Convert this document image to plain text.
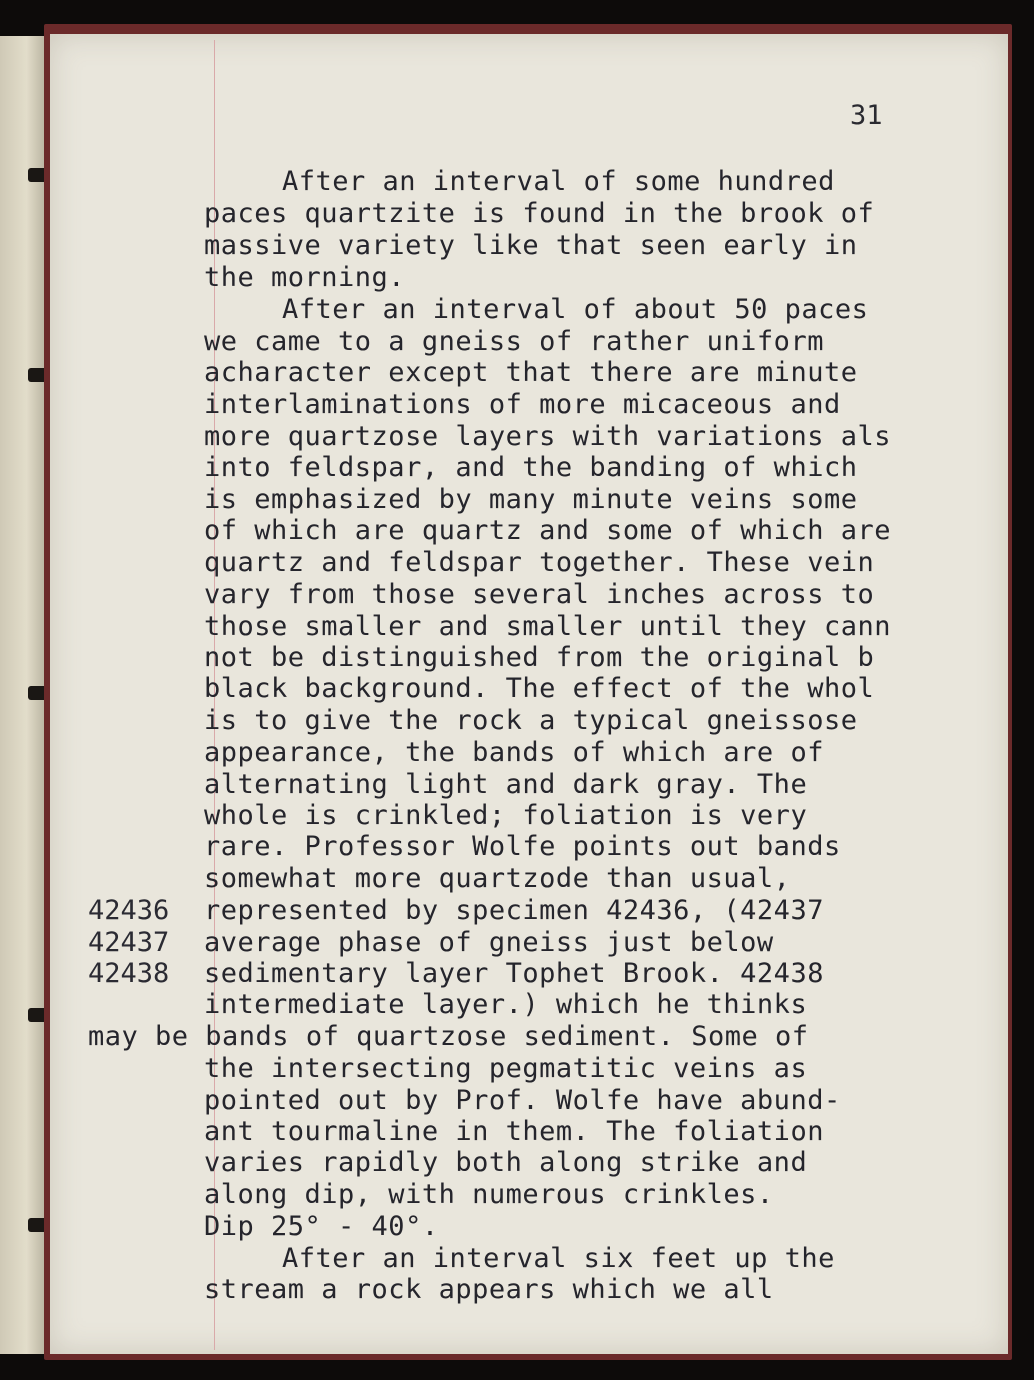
31
After an interval of some hundred
paces quartzite is found in the brook of
massive variety like that seen early in
the morning.
After an interval of about 50 paces
we came to a gneiss of rather uniform
acharacter except that there are minute
interlaminations of more micaceous and
more quartzose layers with variations als
into feldspar, and the banding of which
is emphasized by many minute veins some
of which are quartz and some of which are
quartz and feldspar together. These vein
vary from those several inches across to
those smaller and smaller until they cann
not be distinguished from the original b
black background. The effect of the whol
is to give the rock a typical gneissose
appearance, the bands of which are of
alternating light and dark gray. The
whole is crinkled; foliation is very
rare. Professor Wolfe points out bands
somewhat more quartzode than usual,
represented by specimen 42436, (42437
average phase of gneiss just below
sedimentary layer Tophet Brook. 42438
intermediate layer.) which he thinks
may be bands of quartzose sediment. Some of
the intersecting pegmatitic veins as
pointed out by Prof. Wolfe have abund-
ant tourmaline in them. The foliation
varies rapidly both along strike and
along dip, with numerous crinkles.
Dip 25° - 40°.
After an interval six feet up the
stream a rock appears which we all
42436
42437
42438
